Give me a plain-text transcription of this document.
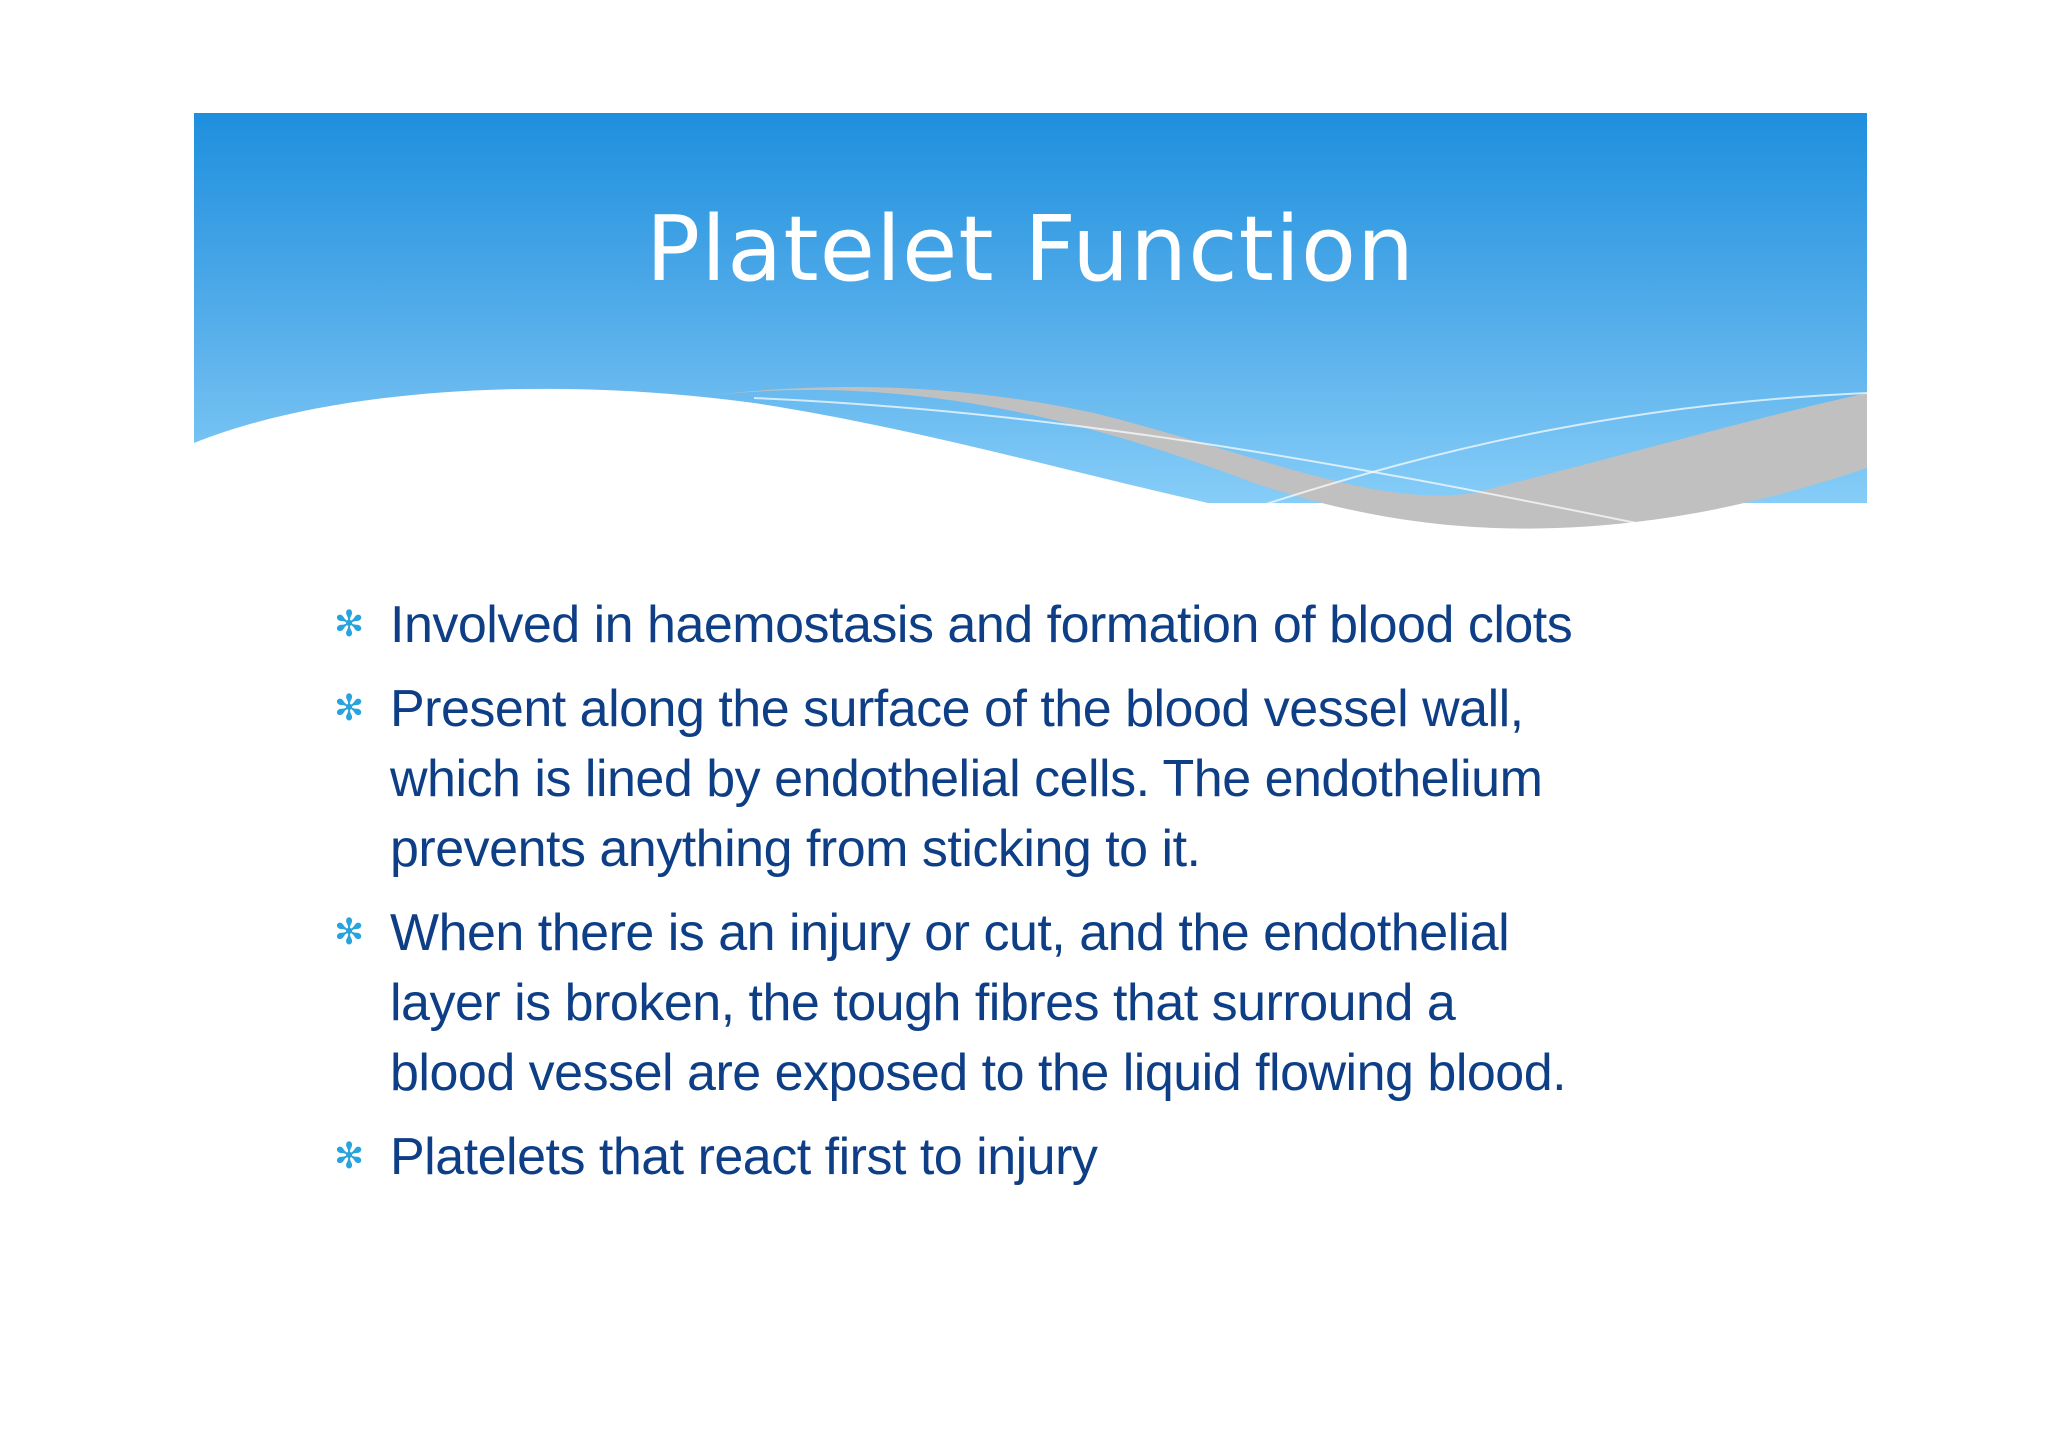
Platelet Function
✻ Involved in haemostasis and formation of blood clots
✻ Present along the surface of the blood vessel wall,
which is lined by endothelial cells. The endothelium
prevents anything from sticking to it.
✻ When there is an injury or cut, and the endothelial
layer is broken, the tough fibres that surround a
blood vessel are exposed to the liquid flowing blood.
✻ Platelets that react first to injury
